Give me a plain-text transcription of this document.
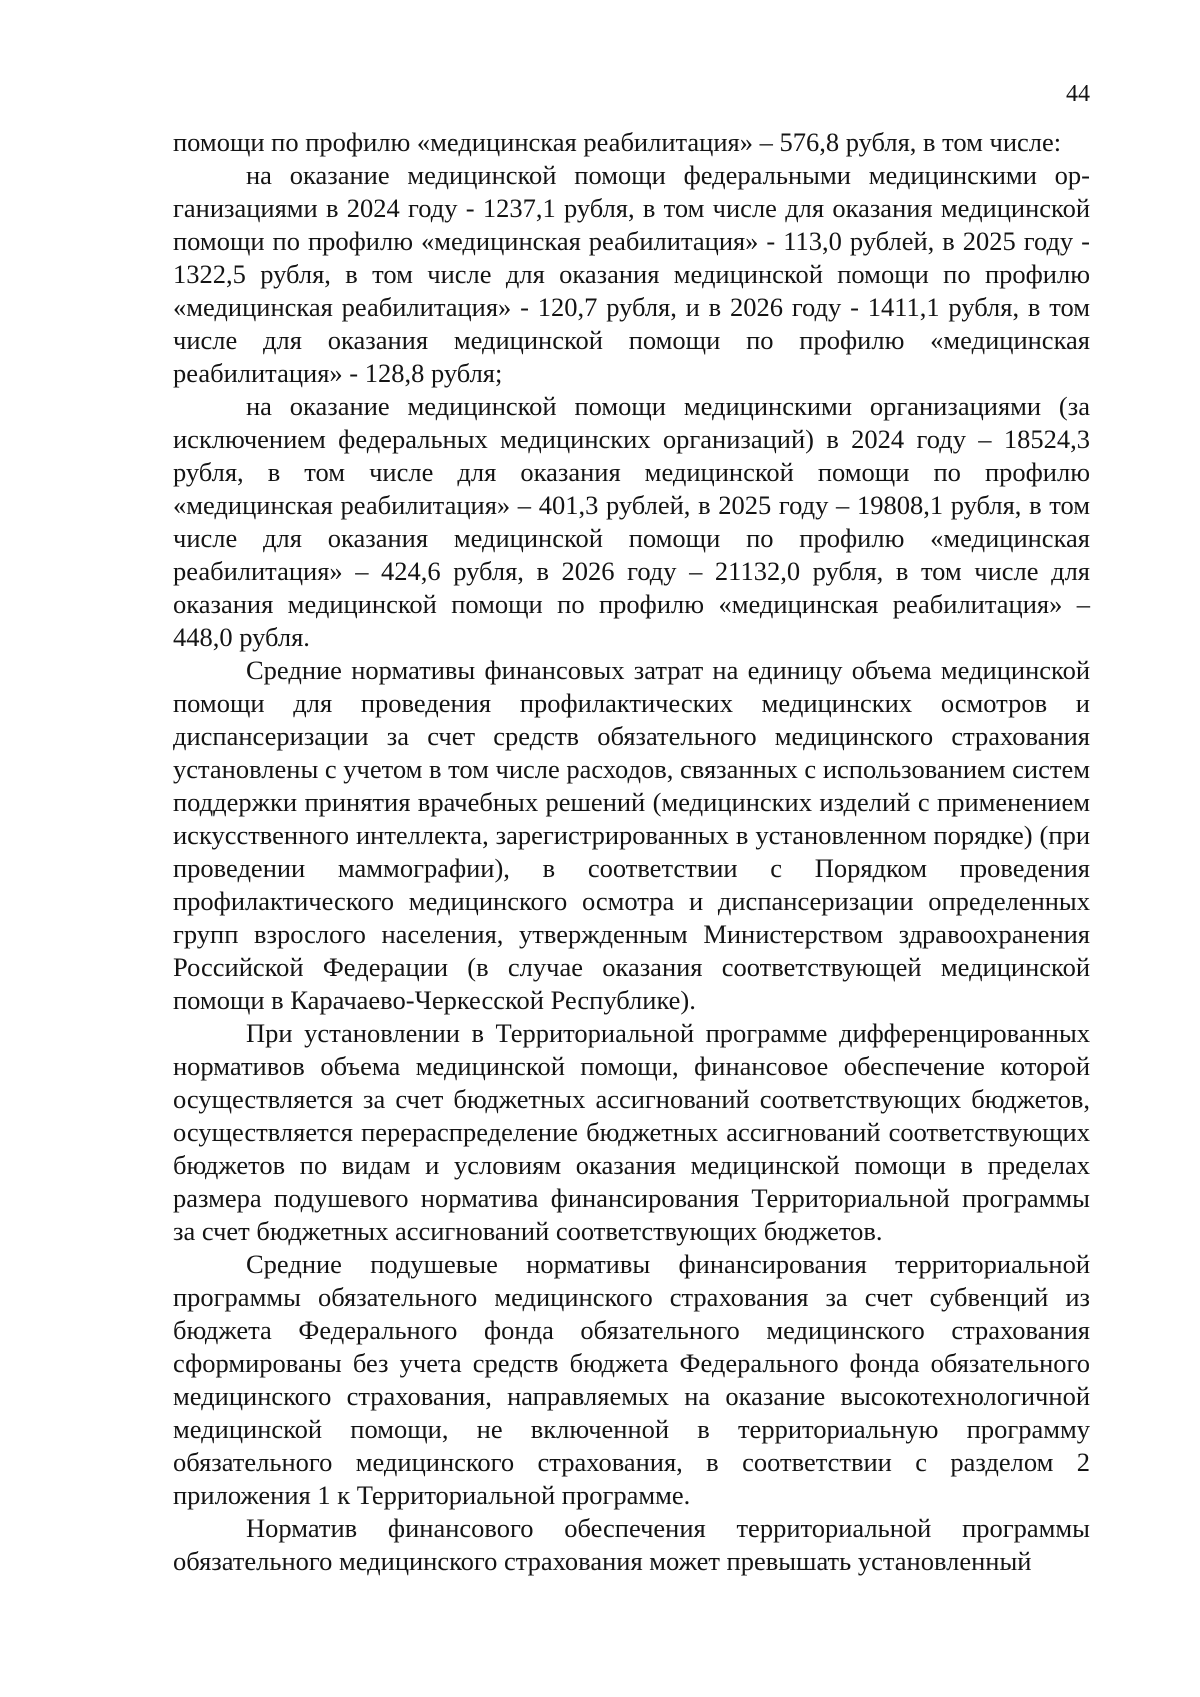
44

помощи по профилю «медицинская реабилитация» – 576,8 рубля, в том числе:

на оказание медицинской помощи федеральными медицинскими организациями в 2024 году - 1237,1 рубля, в том числе для оказания медицинской помощи по профилю «медицинская реабилитация» - 113,0 рублей, в 2025 году - 1322,5 рубля, в том числе для оказания медицинской помощи по профилю «медицинская реабилитация» - 120,7 рубля, и в 2026 году - 1411,1 рубля, в том числе для оказания медицинской помощи по профилю «медицинская реабилитация» - 128,8 рубля;

на оказание медицинской помощи медицинскими организациями (за исключением федеральных медицинских организаций) в 2024 году – 18524,3 рубля, в том числе для оказания медицинской помощи по профилю «медицинская реабилитация» – 401,3 рублей, в 2025 году – 19808,1 рубля, в том числе для оказания медицинской помощи по профилю «медицинская реабилитация» – 424,6 рубля, в 2026 году – 21132,0 рубля, в том числе для оказания медицинской помощи по профилю «медицинская реабилитация» – 448,0 рубля.

Средние нормативы финансовых затрат на единицу объема медицинской помощи для проведения профилактических медицинских осмотров и диспансеризации за счет средств обязательного медицинского страхования установлены с учетом в том числе расходов, связанных с использованием систем поддержки принятия врачебных решений (медицинских изделий с применением искусственного интеллекта, зарегистрированных в установленном порядке) (при проведении маммографии), в соответствии с Порядком проведения профилактического медицинского осмотра и диспансеризации определенных групп взрослого населения, утвержденным Министерством здравоохранения Российской Федерации (в случае оказания соответствующей медицинской помощи в Карачаево-Черкесской Республике).

При установлении в Территориальной программе дифференцированных нормативов объема медицинской помощи, финансовое обеспечение которой осуществляется за счет бюджетных ассигнований соответствующих бюджетов, осуществляется перераспределение бюджетных ассигнований соответствующих бюджетов по видам и условиям оказания медицинской помощи в пределах размера подушевого норматива финансирования Территориальной программы за счет бюджетных ассигнований соответствующих бюджетов.

Средние подушевые нормативы финансирования территориальной программы обязательного медицинского страхования за счет субвенций из бюджета Федерального фонда обязательного медицинского страхования сформированы без учета средств бюджета Федерального фонда обязательного медицинского страхования, направляемых на оказание высокотехнологичной медицинской помощи, не включенной в территориальную программу обязательного медицинского страхования, в соответствии с разделом 2 приложения 1 к Территориальной программе.

Норматив финансового обеспечения территориальной программы обязательного медицинского страхования может превышать установленный
